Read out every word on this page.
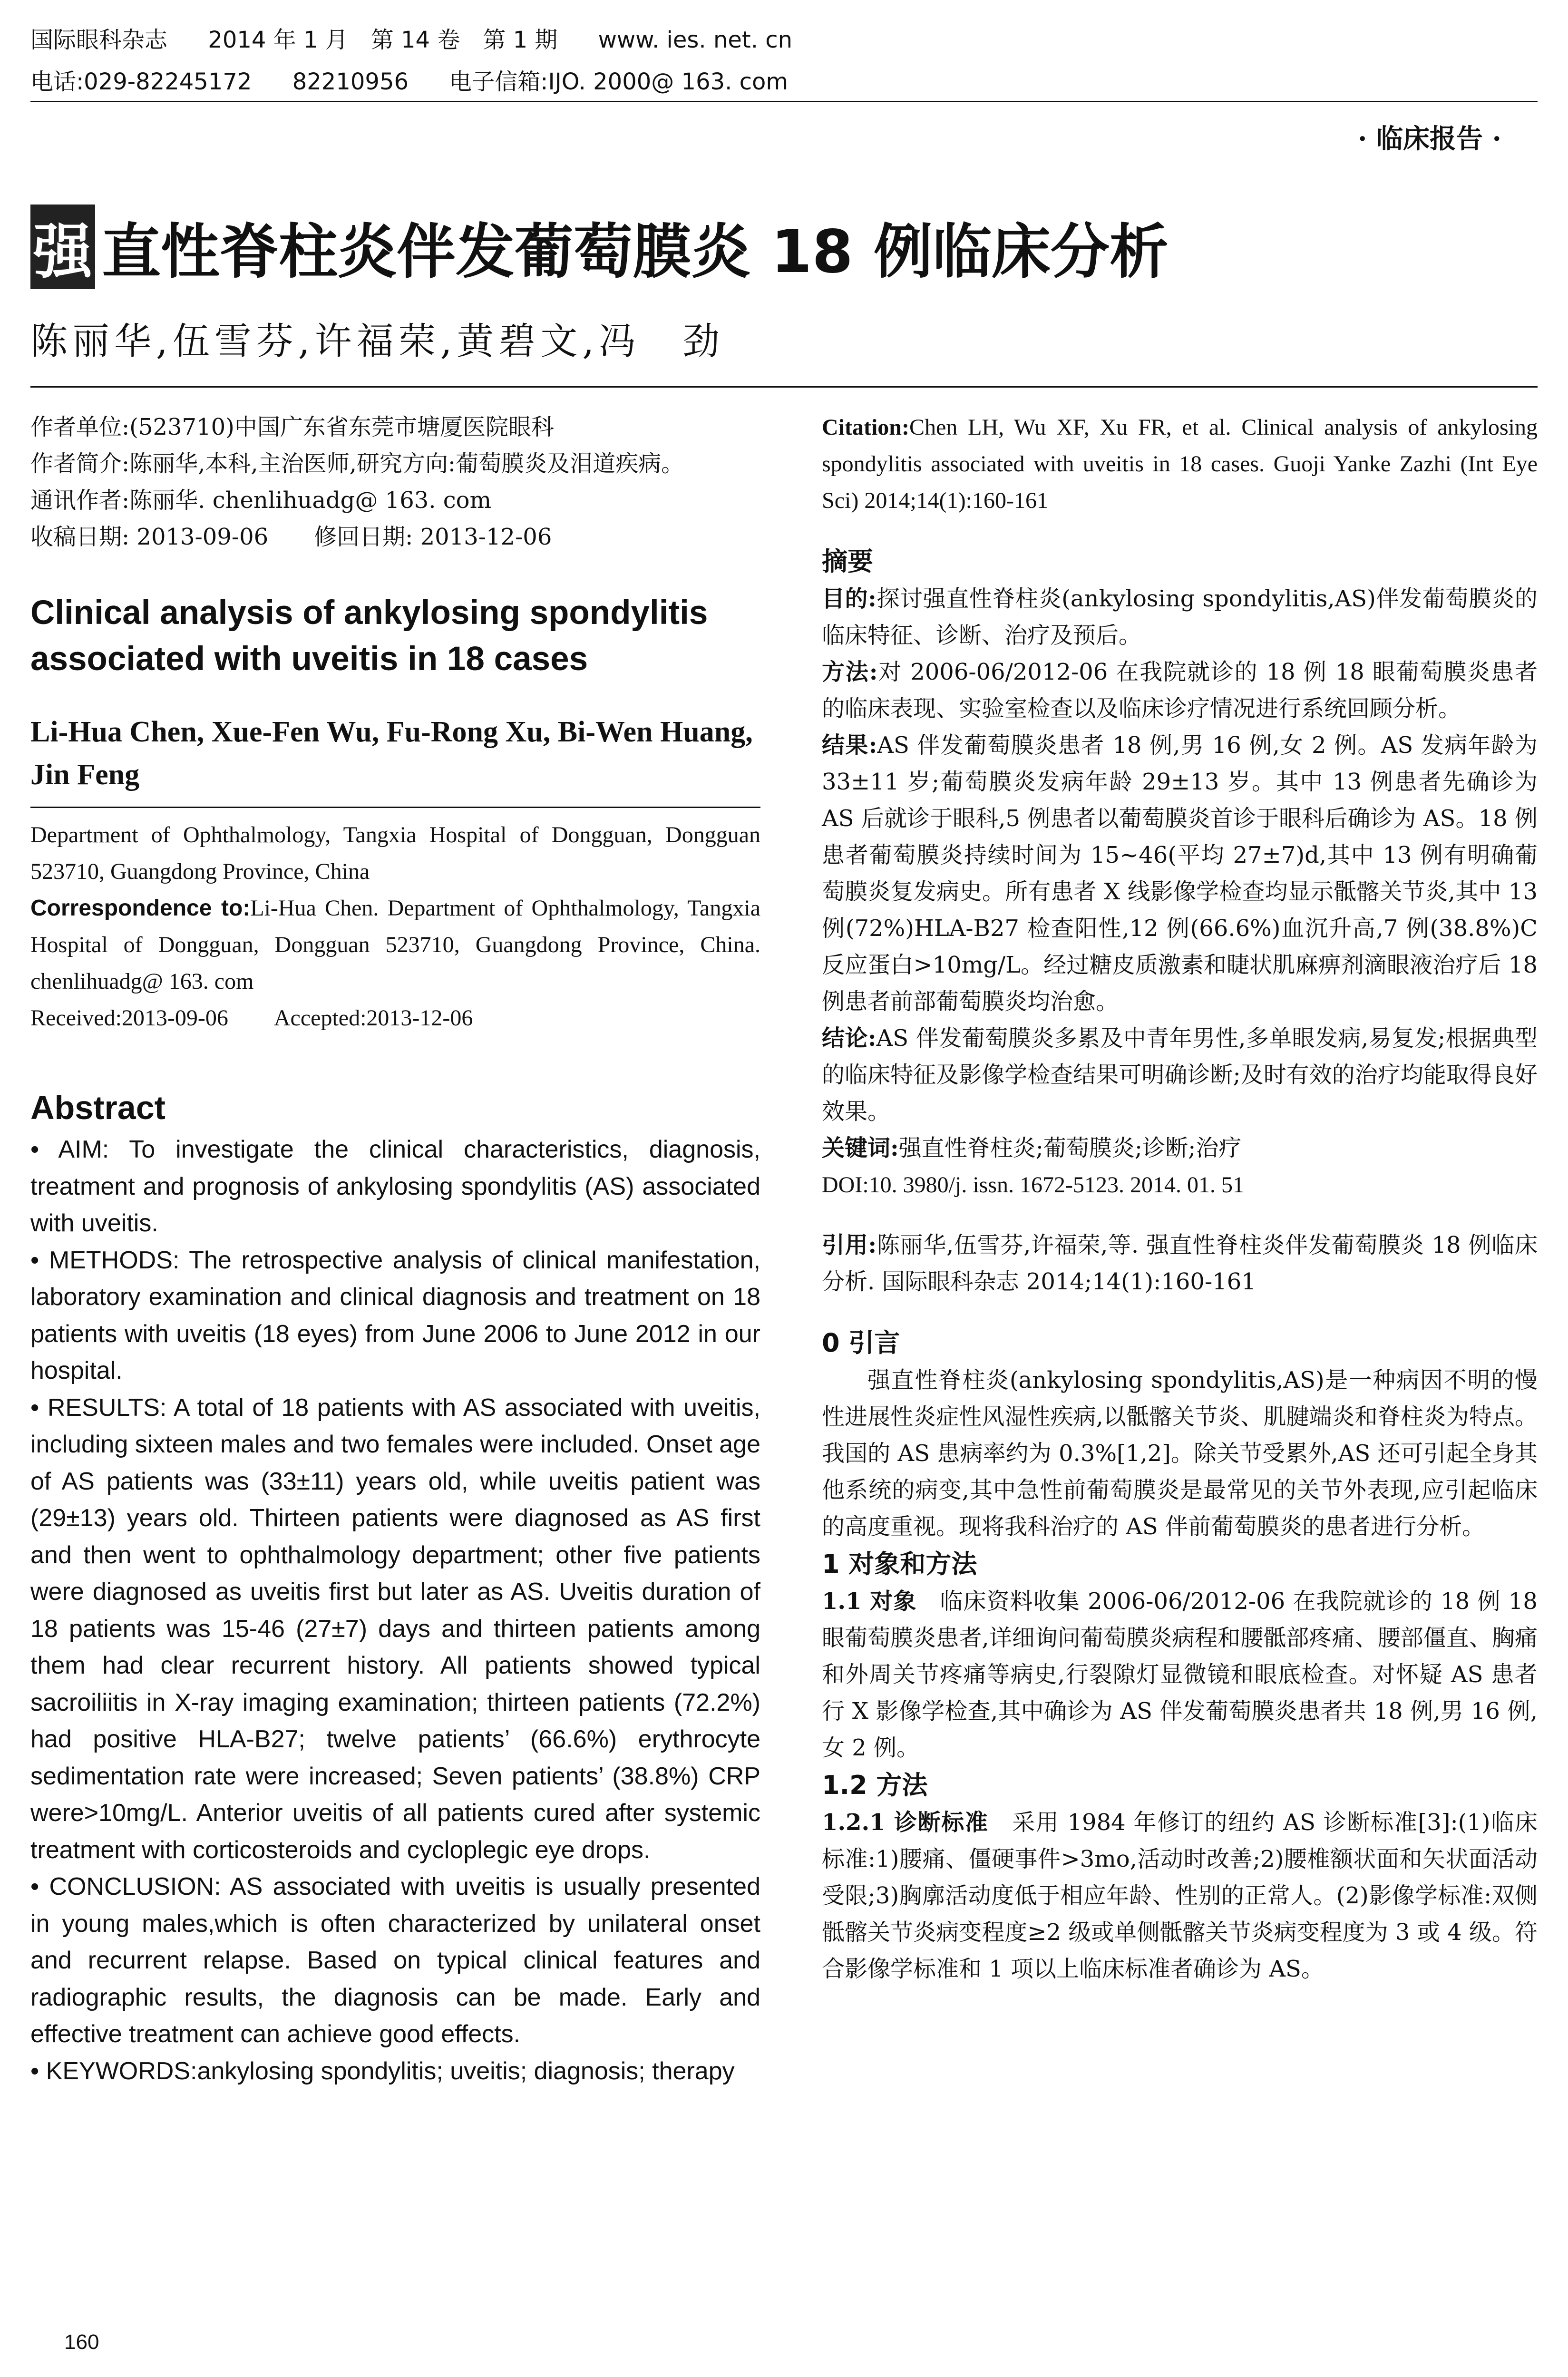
国际眼科杂志 2014 年 1 月　第 14 卷　第 1 期 www. ies. net. cn
电话:029-82245172 82210956 电子信箱:IJO. 2000@ 163. com
· 临床报告 ·
强 直性脊柱炎伴发葡萄膜炎 18 例临床分析
陈丽华,伍雪芬,许福荣,黄碧文,冯　劲

作者单位:(523710)中国广东省东莞市塘厦医院眼科

作者简介:陈丽华,本科,主治医师,研究方向:葡萄膜炎及泪道疾病。

通讯作者:陈丽华. chenlihuadg@ 163. com

收稿日期: 2013-09-06　　修回日期: 2013-12-06

Clinical analysis of ankylosing spondylitis associated with uveitis in 18 cases
Li-Hua Chen, Xue-Fen Wu, Fu-Rong Xu, Bi-Wen Huang, Jin Feng

Department of Ophthalmology, Tangxia Hospital of Dongguan, Dongguan 523710, Guangdong Province, China

Correspondence to:Li-Hua Chen. Department of Ophthalmology, Tangxia Hospital of Dongguan, Dongguan 523710, Guangdong Province, China. chenlihuadg@ 163. com

Received:2013-09-06　　Accepted:2013-12-06

Abstract

• AIM: To investigate the clinical characteristics, diagnosis, treatment and prognosis of ankylosing spondylitis (AS) associated with uveitis.

• METHODS: The retrospective analysis of clinical manifestation, laboratory examination and clinical diagnosis and treatment on 18 patients with uveitis (18 eyes) from June 2006 to June 2012 in our hospital.

• RESULTS: A total of 18 patients with AS associated with uveitis, including sixteen males and two females were included. Onset age of AS patients was (33±11) years old, while uveitis patient was (29±13) years old. Thirteen patients were diagnosed as AS first and then went to ophthalmology department; other five patients were diagnosed as uveitis first but later as AS. Uveitis duration of 18 patients was 15-46 (27±7) days and thirteen patients among them had clear recurrent history. All patients showed typical sacroiliitis in X-ray imaging examination; thirteen patients (72.2%) had positive HLA-B27; twelve patients’ (66.6%) erythrocyte sedimentation rate were increased; Seven patients’ (38.8%) CRP were>10mg/L. Anterior uveitis of all patients cured after systemic treatment with corticosteroids and cycloplegic eye drops.

• CONCLUSION: AS associated with uveitis is usually presented in young males,which is often characterized by unilateral onset and recurrent relapse. Based on typical clinical features and radiographic results, the diagnosis can be made. Early and effective treatment can achieve good effects.

• KEYWORDS:ankylosing spondylitis; uveitis; diagnosis; therapy

Citation:Chen LH, Wu XF, Xu FR, et al. Clinical analysis of ankylosing spondylitis associated with uveitis in 18 cases. Guoji Yanke Zazhi (Int Eye Sci) 2014;14(1):160-161

摘要

目的:探讨强直性脊柱炎(ankylosing spondylitis,AS)伴发葡萄膜炎的临床特征、诊断、治疗及预后。

方法:对 2006-06/2012-06 在我院就诊的 18 例 18 眼葡萄膜炎患者的临床表现、实验室检查以及临床诊疗情况进行系统回顾分析。

结果:AS 伴发葡萄膜炎患者 18 例,男 16 例,女 2 例。AS 发病年龄为 33±11 岁;葡萄膜炎发病年龄 29±13 岁。其中 13 例患者先确诊为 AS 后就诊于眼科,5 例患者以葡萄膜炎首诊于眼科后确诊为 AS。18 例患者葡萄膜炎持续时间为 15~46(平均 27±7)d,其中 13 例有明确葡萄膜炎复发病史。所有患者 X 线影像学检查均显示骶髂关节炎,其中 13 例(72%)HLA-B27 检查阳性,12 例(66.6%)血沉升高,7 例(38.8%)C 反应蛋白>10mg/L。经过糖皮质激素和睫状肌麻痹剂滴眼液治疗后 18 例患者前部葡萄膜炎均治愈。

结论:AS 伴发葡萄膜炎多累及中青年男性,多单眼发病,易复发;根据典型的临床特征及影像学检查结果可明确诊断;及时有效的治疗均能取得良好效果。

关键词:强直性脊柱炎;葡萄膜炎;诊断;治疗

DOI:10. 3980/j. issn. 1672-5123. 2014. 01. 51

引用:陈丽华,伍雪芬,许福荣,等. 强直性脊柱炎伴发葡萄膜炎 18 例临床分析. 国际眼科杂志 2014;14(1):160-161

0 引言

强直性脊柱炎(ankylosing spondylitis,AS)是一种病因不明的慢性进展性炎症性风湿性疾病,以骶髂关节炎、肌腱端炎和脊柱炎为特点。我国的 AS 患病率约为 0.3%[1,2]。除关节受累外,AS 还可引起全身其他系统的病变,其中急性前葡萄膜炎是最常见的关节外表现,应引起临床的高度重视。现将我科治疗的 AS 伴前葡萄膜炎的患者进行分析。

1 对象和方法

1.1 对象　 临床资料收集 2006-06/2012-06 在我院就诊的 18 例 18 眼葡萄膜炎患者,详细询问葡萄膜炎病程和腰骶部疼痛、腰部僵直、胸痛和外周关节疼痛等病史,行裂隙灯显微镜和眼底检查。对怀疑 AS 患者行 X 影像学检查,其中确诊为 AS 伴发葡萄膜炎患者共 18 例,男 16 例,女 2 例。

1.2 方法

1.2.1 诊断标准　 采用 1984 年修订的纽约 AS 诊断标准[3]:(1)临床标准:1)腰痛、僵硬事件>3mo,活动时改善;2)腰椎额状面和矢状面活动受限;3)胸廓活动度低于相应年龄、性别的正常人。(2)影像学标准:双侧骶髂关节炎病变程度≥2 级或单侧骶髂关节炎病变程度为 3 或 4 级。符合影像学标准和 1 项以上临床标准者确诊为 AS。

160
